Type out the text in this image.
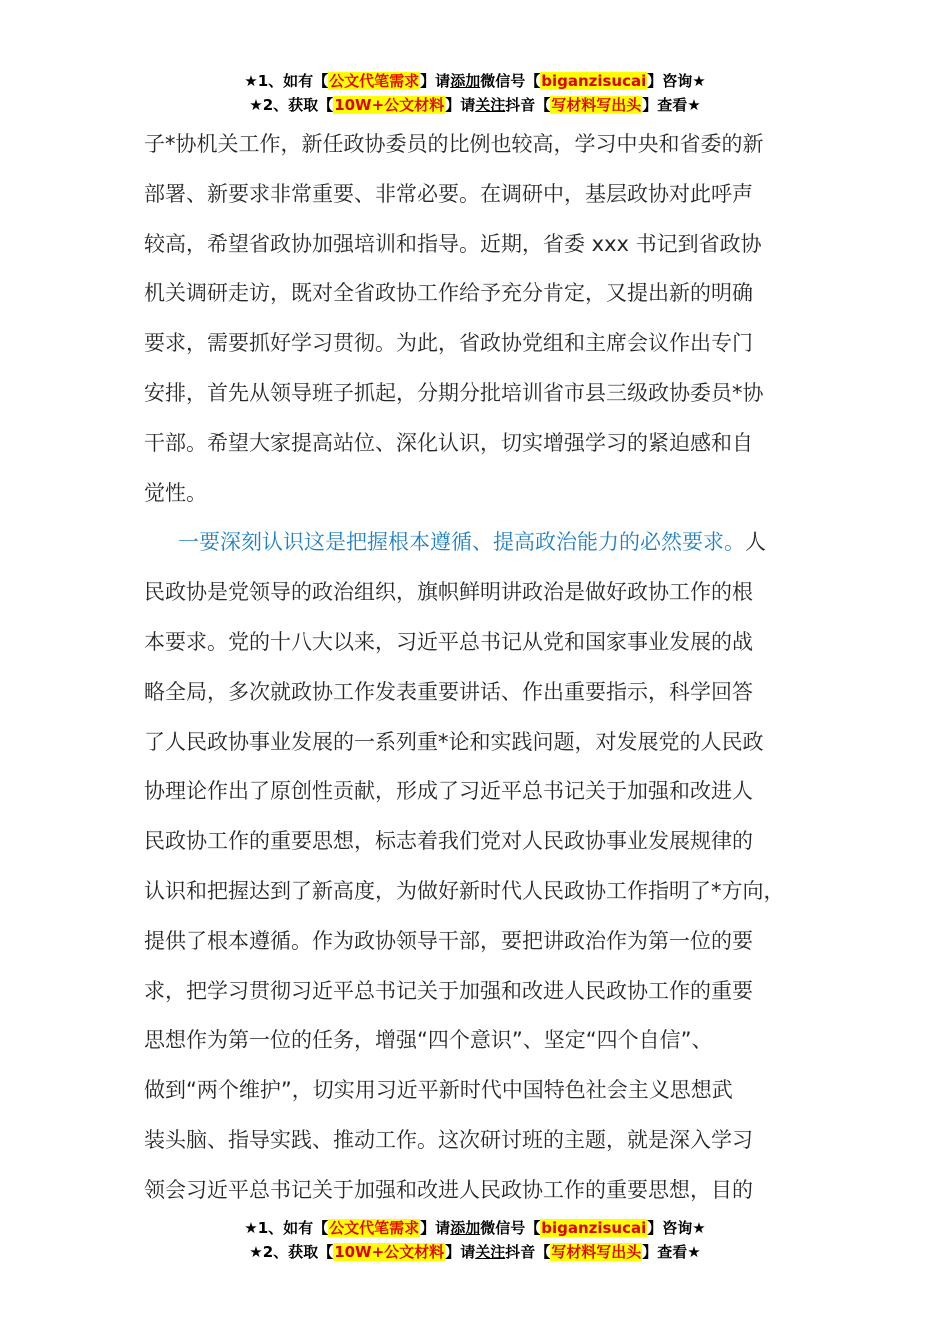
★1、如有【公文代笔需求】请添加微信号【biganzisucai】咨询★
★2、获取【10W+公文材料】请关注抖音【写材料写出头】查看★
子*协机关工作，新任政协委员的比例也较高，学习中央和省委的新
部署、新要求非常重要、非常必要。在调研中，基层政协对此呼声
较高，希望省政协加强培训和指导。近期，省委 xxx 书记到省政协
机关调研走访，既对全省政协工作给予充分肯定，又提出新的明确
要求，需要抓好学习贯彻。为此，省政协党组和主席会议作出专门
安排，首先从领导班子抓起，分期分批培训省市县三级政协委员*协
干部。希望大家提高站位、深化认识，切实增强学习的紧迫感和自
觉性。
一要深刻认识这是把握根本遵循、提高政治能力的必然要求。人
民政协是党领导的政治组织，旗帜鲜明讲政治是做好政协工作的根
本要求。党的十八大以来，习近平总书记从党和国家事业发展的战
略全局，多次就政协工作发表重要讲话、作出重要指示，科学回答
了人民政协事业发展的一系列重*论和实践问题，对发展党的人民政
协理论作出了原创性贡献，形成了习近平总书记关于加强和改进人
民政协工作的重要思想，标志着我们党对人民政协事业发展规律的
认识和把握达到了新高度，为做好新时代人民政协工作指明了*方向，
提供了根本遵循。作为政协领导干部，要把讲政治作为第一位的要
求，把学习贯彻习近平总书记关于加强和改进人民政协工作的重要
思想作为第一位的任务，增强“四个意识”、坚定“四个自信”、
做到“两个维护”，切实用习近平新时代中国特色社会主义思想武
装头脑、指导实践、推动工作。这次研讨班的主题，就是深入学习
领会习近平总书记关于加强和改进人民政协工作的重要思想，目的
★1、如有【公文代笔需求】请添加微信号【biganzisucai】咨询★
★2、获取【10W+公文材料】请关注抖音【写材料写出头】查看★
